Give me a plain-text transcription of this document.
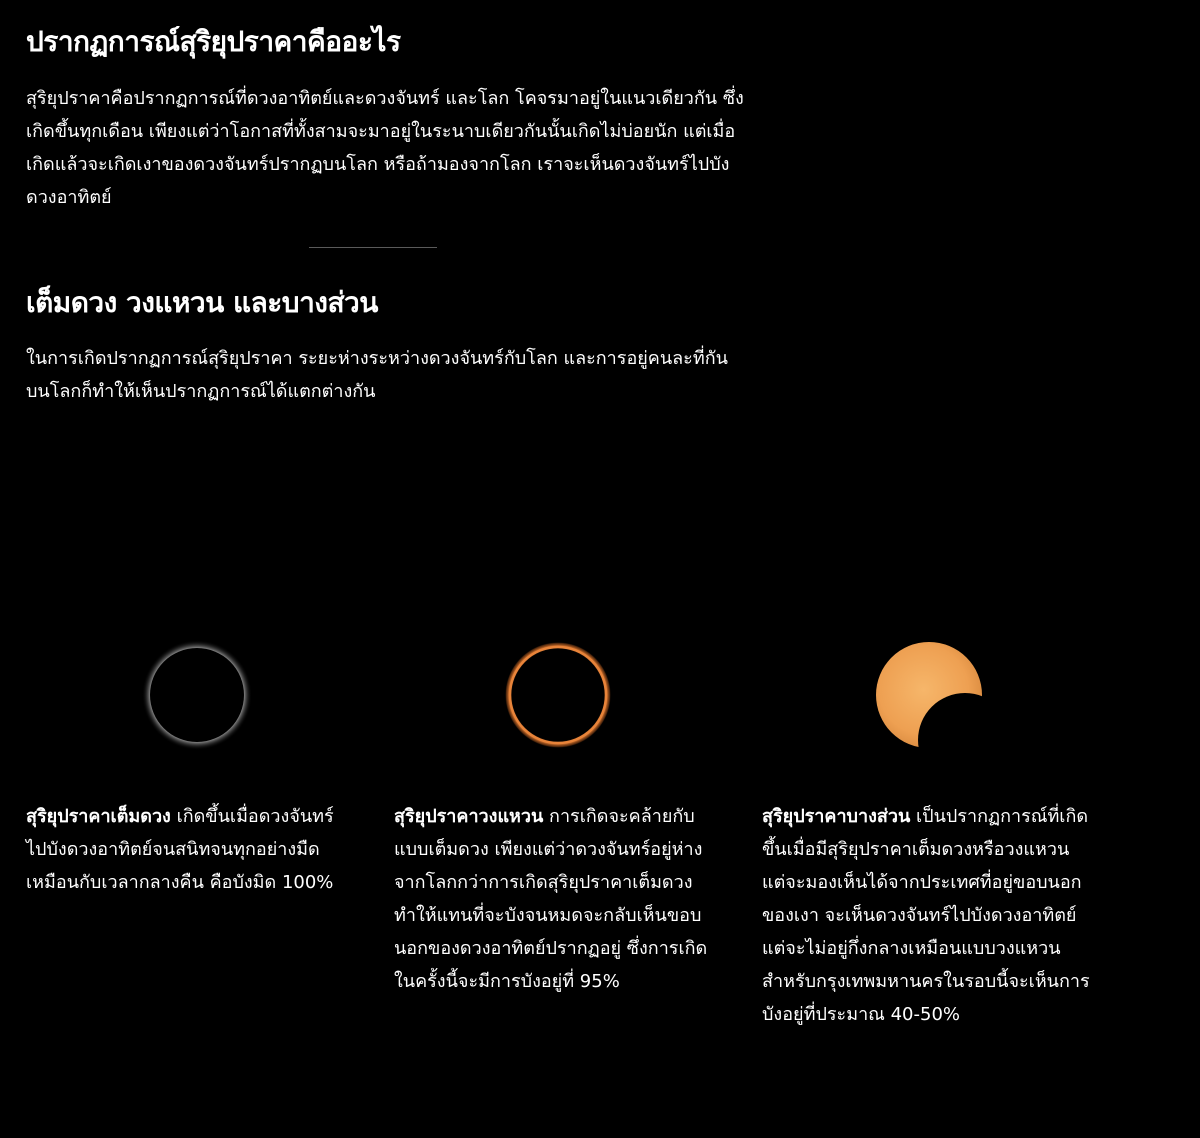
ปรากฏการณ์สุริยุปราคาคืออะไร

สุริยุปราคาคือปรากฏการณ์ที่ดวงอาทิตย์และดวงจันทร์ และโลก โคจรมาอยู่ในแนวเดียวกัน ซึ่งเกิดขึ้นทุกเดือน เพียงแต่ว่าโอกาสที่ทั้งสามจะมาอยู่ในระนาบเดียวกันนั้นเกิดไม่บ่อยนัก แต่เมื่อเกิดแล้วจะเกิดเงาของดวงจันทร์ปรากฏบนโลก หรือถ้ามองจากโลก เราจะเห็นดวงจันทร์ไปบังดวงอาทิตย์

เต็มดวง วงแหวน และบางส่วน

ในการเกิดปรากฏการณ์สุริยุปราคา ระยะห่างระหว่างดวงจันทร์กับโลก และการอยู่คนละที่กันบนโลกก็ทำให้เห็นปรากฏการณ์ได้แตกต่างกัน

สุริยุปราคาเต็มดวง เกิดขึ้นเมื่อดวงจันทร์ไปบังดวงอาทิตย์จนสนิทจนทุกอย่างมืดเหมือนกับเวลากลางคืน คือบังมิด 100%

สุริยุปราคาวงแหวน การเกิดจะคล้ายกับแบบเต็มดวง เพียงแต่ว่าดวงจันทร์อยู่ห่างจากโลกกว่าการเกิดสุริยุปราคาเต็มดวง ทำให้แทนที่จะบังจนหมดจะกลับเห็นขอบนอกของดวงอาทิตย์ปรากฏอยู่ ซึ่งการเกิดในครั้งนี้จะมีการบังอยู่ที่ 95%

สุริยุปราคาบางส่วน เป็นปรากฏการณ์ที่เกิดขึ้นเมื่อมีสุริยุปราคาเต็มดวงหรือวงแหวน แต่จะมองเห็นได้จากประเทศที่อยู่ขอบนอกของเงา จะเห็นดวงจันทร์ไปบังดวงอาทิตย์ แต่จะไม่อยู่กึ่งกลางเหมือนแบบวงแหวน สำหรับกรุงเทพมหานครในรอบนี้จะเห็นการบังอยู่ที่ประมาณ 40-50%
